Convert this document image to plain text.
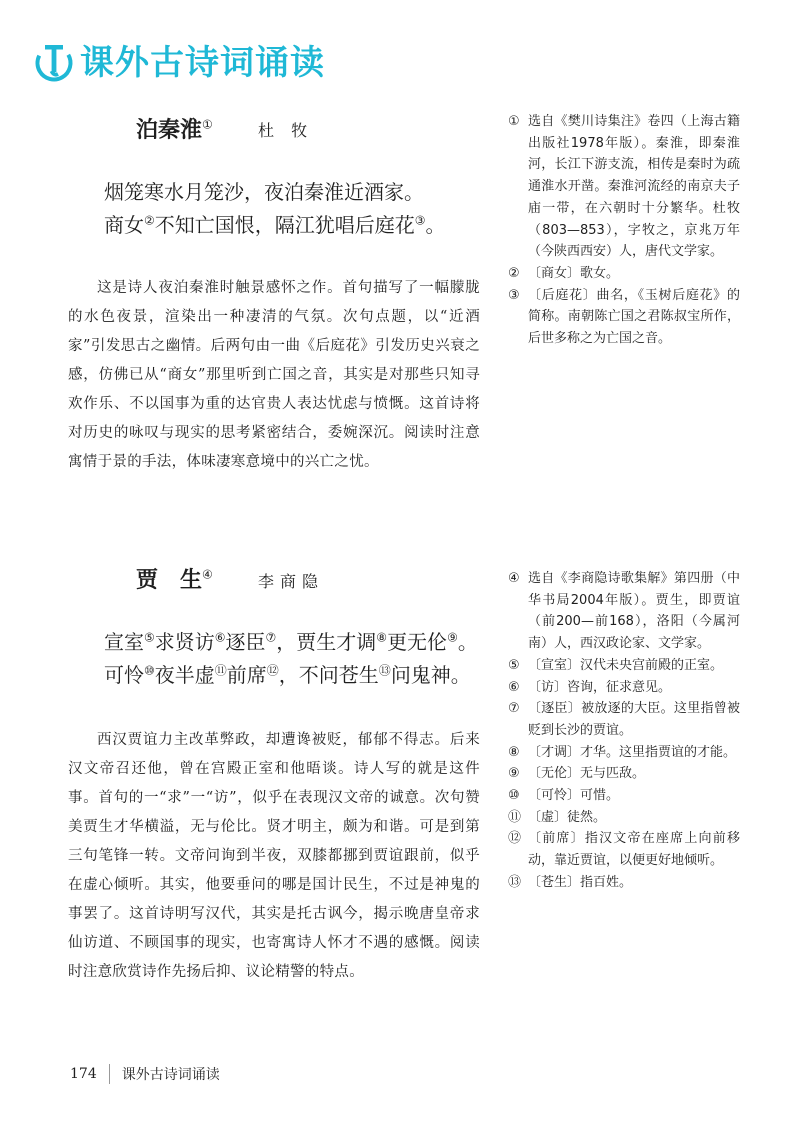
课外古诗词诵读
泊秦淮①	杜 牧
烟笼寒水月笼沙，夜泊秦淮近酒家。
商女②不知亡国恨，隔江犹唱后庭花③。

这是诗人夜泊秦淮时触景感怀之作。首句描写了一幅朦胧的水色夜景，渲染出一种凄清的气氛。次句点题，以“近酒家”引发思古之幽情。后两句由一曲《后庭花》引发历史兴衰之感，仿佛已从“商女”那里听到亡国之音，其实是对那些只知寻欢作乐、不以国事为重的达官贵人表达忧虑与愤慨。这首诗将对历史的咏叹与现实的思考紧密结合，委婉深沉。阅读时注意寓情于景的手法，体味凄寒意境中的兴亡之忧。

① 选自《樊川诗集注》卷四（上海古籍出版社1978年版）。秦淮，即秦淮河，长江下游支流，相传是秦时为疏通淮水开凿。秦淮河流经的南京夫子庙一带，在六朝时十分繁华。杜牧（803—853），字牧之，京兆万年（今陕西西安）人，唐代文学家。
② 〔商女〕歌女。
③ 〔后庭花〕曲名，《玉树后庭花》的简称。南朝陈亡国之君陈叔宝所作，后世多称之为亡国之音。
贾　生④	李商隐
宣室⑤求贤访⑥逐臣⑦，贾生才调⑧更无伦⑨。
可怜⑩夜半虚⑪前席⑫，不问苍生⑬问鬼神。

西汉贾谊力主改革弊政，却遭谗被贬，郁郁不得志。后来汉文帝召还他，曾在宫殿正室和他晤谈。诗人写的就是这件事。首句的一“求”一“访”，似乎在表现汉文帝的诚意。次句赞美贾生才华横溢，无与伦比。贤才明主，颇为和谐。可是到第三句笔锋一转。文帝问询到半夜，双膝都挪到贾谊跟前，似乎在虚心倾听。其实，他要垂问的哪是国计民生，不过是神鬼的事罢了。这首诗明写汉代，其实是托古讽今，揭示晚唐皇帝求仙访道、不顾国事的现实，也寄寓诗人怀才不遇的感慨。阅读时注意欣赏诗作先扬后抑、议论精警的特点。

④ 选自《李商隐诗歌集解》第四册（中华书局2004年版）。贾生，即贾谊（前200—前168），洛阳（今属河南）人，西汉政论家、文学家。
⑤ 〔宣室〕汉代未央宫前殿的正室。
⑥ 〔访〕咨询，征求意见。
⑦ 〔逐臣〕被放逐的大臣。这里指曾被贬到长沙的贾谊。
⑧ 〔才调〕才华。这里指贾谊的才能。
⑨ 〔无伦〕无与匹敌。
⑩ 〔可怜〕可惜。
⑪ 〔虚〕徒然。
⑫ 〔前席〕指汉文帝在座席上向前移动，靠近贾谊，以便更好地倾听。
⑬ 〔苍生〕指百姓。
174 课外古诗词诵读
